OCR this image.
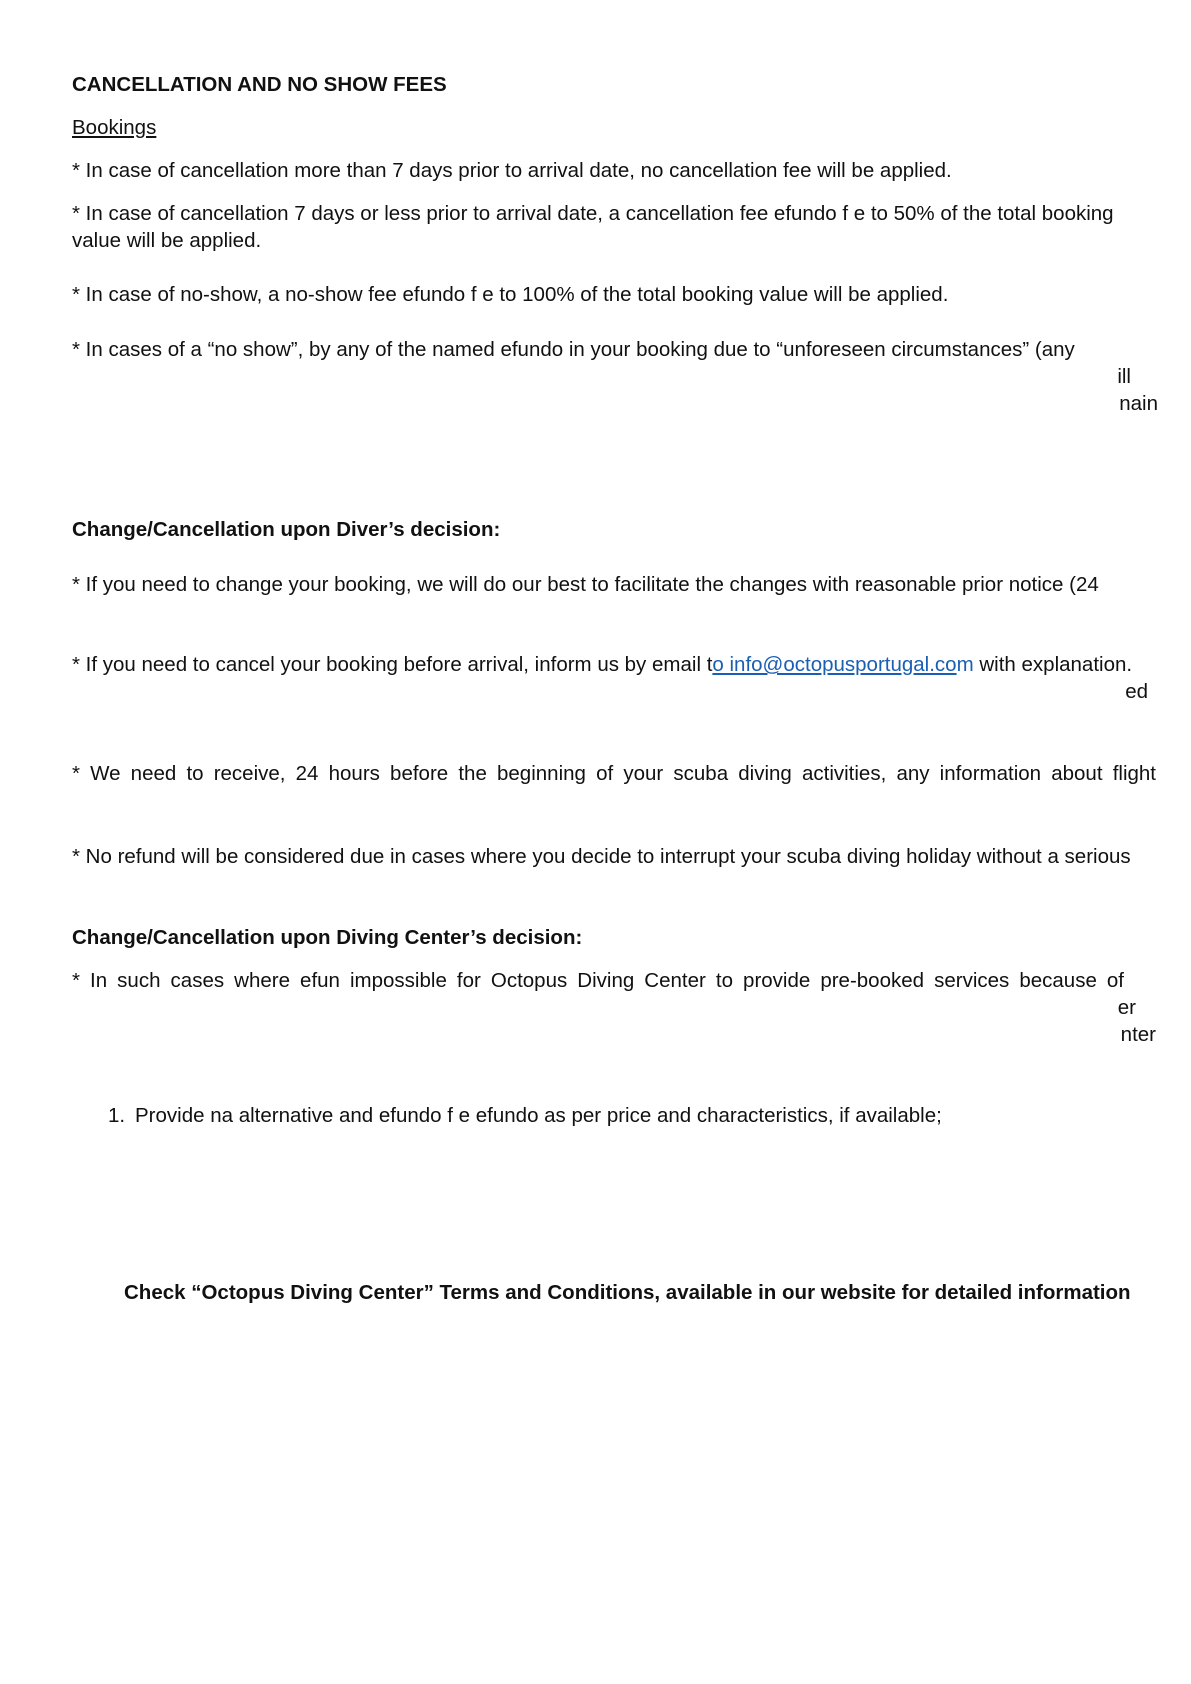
CANCELLATION AND NO SHOW FEES
Bookings
* In case of cancellation more than 7 days prior to arrival date, no cancellation fee will be applied.
* In case of cancellation 7 days or less prior to arrival date, a cancellation fee efundo f e to 50% of the total booking
value will be applied.
* In case of no-show, a no-show fee efundo f e to 100% of the total booking value will be applied.
* In cases of a “no show”, by any of the named efundo in your booking due to “unforeseen circumstances” (any
ill
nain
Change/Cancellation upon Diver’s decision:
* If you need to change your booking, we will do our best to facilitate the changes with reasonable prior notice (24
* If you need to cancel your booking before arrival, inform us by email to info@octopusportugal.com with explanation.
ed
* We need to receive, 24 hours before the beginning of your scuba diving activities, any information about flight
* No refund will be considered due in cases where you decide to interrupt your scuba diving holiday without a serious
Change/Cancellation upon Diving Center’s decision:
* In such cases where efun impossible for Octopus Diving Center to provide pre-booked services because of
er
nter
1. Provide na alternative and efundo f e efundo as per price and characteristics, if available;
Check “Octopus Diving Center” Terms and Conditions, available in our website for detailed information
